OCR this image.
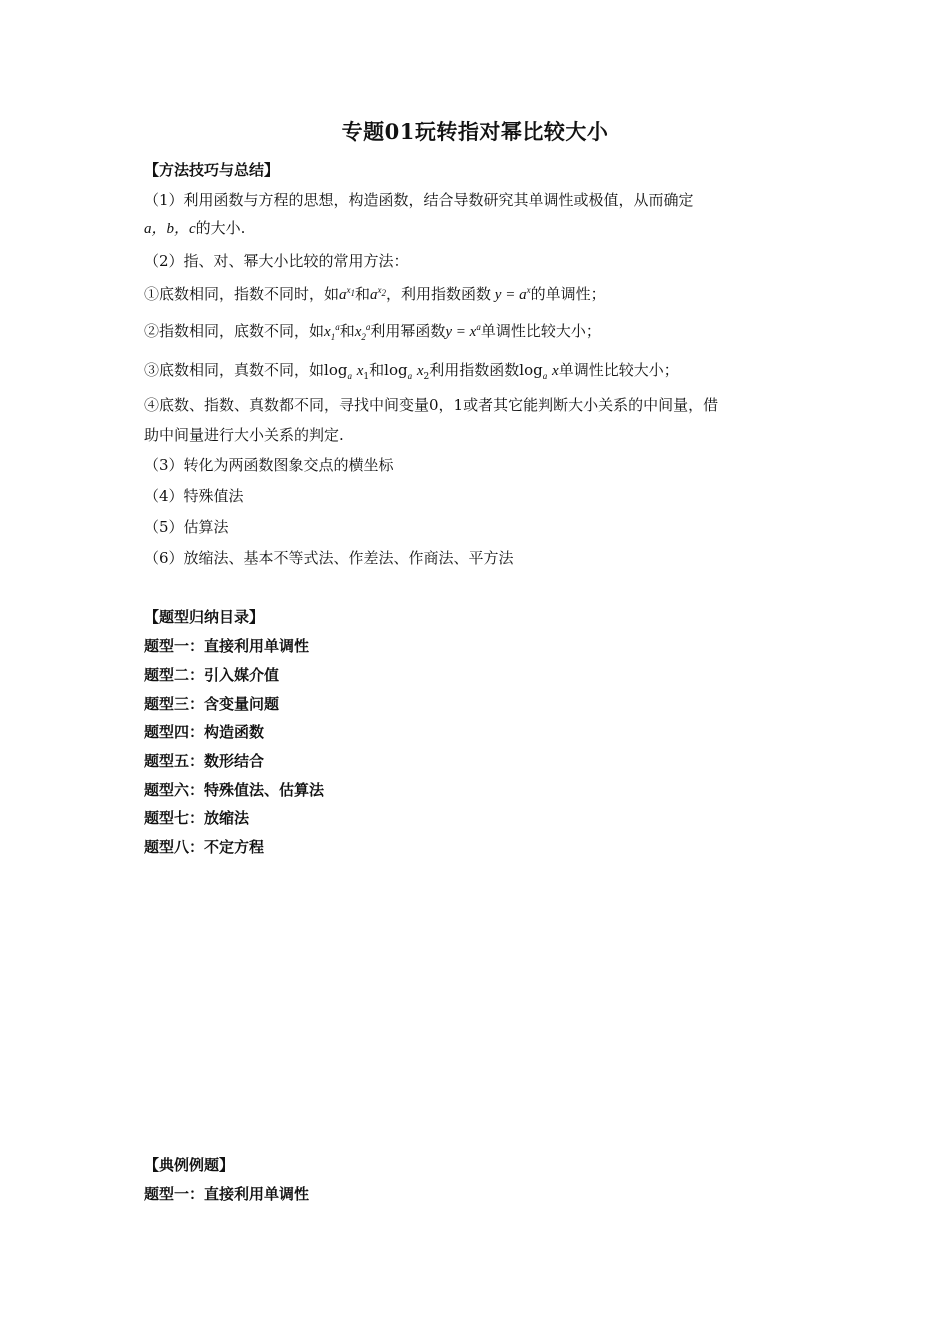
专题01玩转指对幂比较大小
【方法技巧与总结】
（1）利用函数与方程的思想，构造函数，结合导数研究其单调性或极值，从而确定
a，b，c的大小.
（2）指、对、幂大小比较的常用方法：
①底数相同，指数不同时，如$a^{x_1}$和$a^{x_2}$，利用指数函数 $y = a^x$的单调性；
②指数相同，底数不同，如$x_1^a$和$x_2^a$利用幂函数$y = x^a$单调性比较大小；
③底数相同，真数不同，如$\log_a x_1$和$\log_a x_2$利用指数函数$\log_a x$单调性比较大小；
④底数、指数、真数都不同，寻找中间变量0，1或者其它能判断大小关系的中间量，借
助中间量进行大小关系的判定.
（3）转化为两函数图象交点的横坐标
（4）特殊值法
（5）估算法
（6）放缩法、基本不等式法、作差法、作商法、平方法
【题型归纳目录】
题型一：直接利用单调性
题型二：引入媒介值
题型三：含变量问题
题型四：构造函数
题型五：数形结合
题型六：特殊值法、估算法
题型七：放缩法
题型八：不定方程
【典例例题】
题型一：直接利用单调性
